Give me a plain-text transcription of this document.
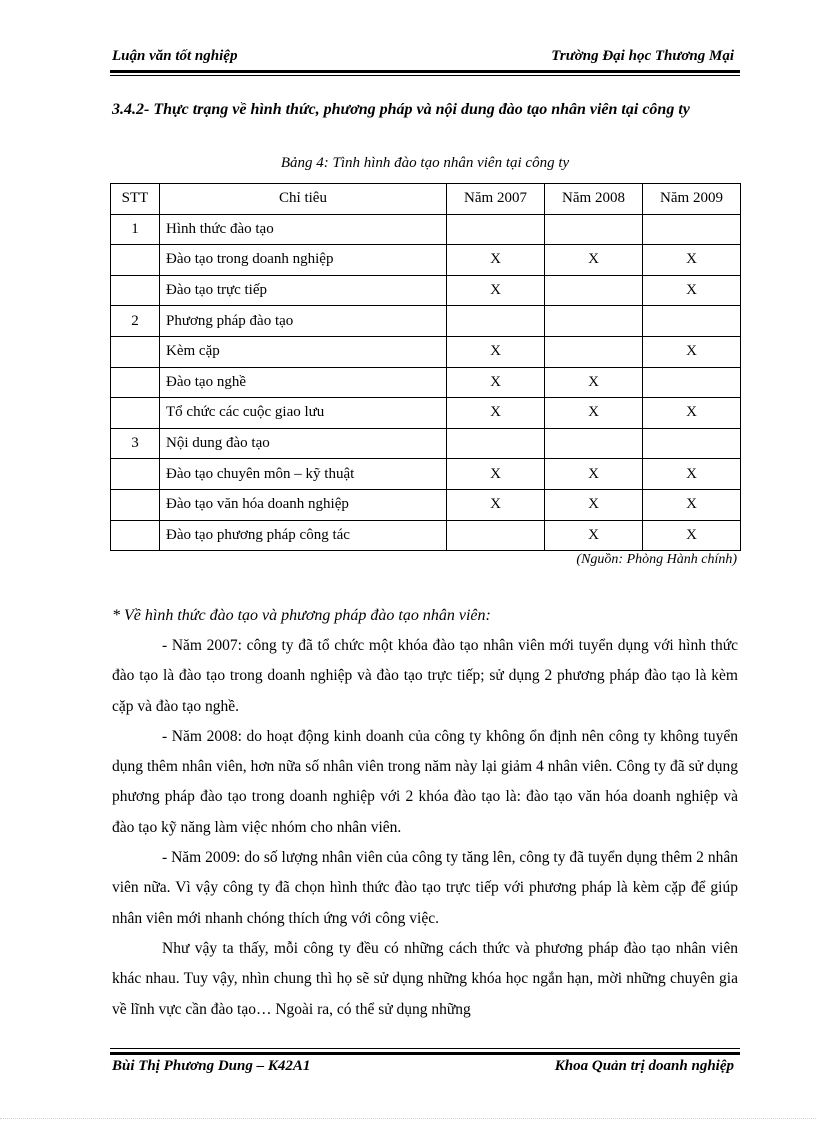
Luận văn tốt nghiệp	Trường Đại học Thương Mại
3.4.2- Thực trạng về hình thức, phương pháp và nội dung đào tạo nhân viên tại công ty
Bảng 4: Tình hình đào tạo nhân viên tại công ty
STT	Chỉ tiêu	Năm 2007	Năm 2008	Năm 2009
1	Hình thức đào tạo			
	Đào tạo trong doanh nghiệp	X	X	X
	Đào tạo trực tiếp	X		X
2	Phương pháp đào tạo			
	Kèm cặp	X		X
	Đào tạo nghề	X	X	
	Tổ chức các cuộc giao lưu	X	X	X
3	Nội dung đào tạo			
	Đào tạo chuyên môn – kỹ thuật	X	X	X
	Đào tạo văn hóa doanh nghiệp	X	X	X
	Đào tạo phương pháp công tác		X	X
(Nguồn: Phòng Hành chính)
* Về hình thức đào tạo và phương pháp đào tạo nhân viên:

- Năm 2007: công ty đã tổ chức một khóa đào tạo nhân viên mới tuyển dụng với hình thức đào tạo là đào tạo trong doanh nghiệp và đào tạo trực tiếp; sử dụng 2 phương pháp đào tạo là kèm cặp và đào tạo nghề.

- Năm 2008: do hoạt động kinh doanh của công ty không ổn định nên công ty không tuyển dụng thêm nhân viên, hơn nữa số nhân viên trong năm này lại giảm 4 nhân viên. Công ty đã sử dụng phương pháp đào tạo trong doanh nghiệp với 2 khóa đào tạo là: đào tạo văn hóa doanh nghiệp và đào tạo kỹ năng làm việc nhóm cho nhân viên.

- Năm 2009: do số lượng nhân viên của công ty tăng lên, công ty đã tuyển dụng thêm 2 nhân viên nữa. Vì vậy công ty đã chọn hình thức đào tạo trực tiếp với phương pháp là kèm cặp để giúp nhân viên mới nhanh chóng thích ứng với công việc.

Như vậy ta thấy, mỗi công ty đều có những cách thức và phương pháp đào tạo nhân viên khác nhau. Tuy vậy, nhìn chung thì họ sẽ sử dụng những khóa học ngắn hạn, mời những chuyên gia về lĩnh vực cần đào tạo… Ngoài ra, có thể sử dụng những

Bùi Thị Phương Dung – K42A1	Khoa Quản trị doanh nghiệp
